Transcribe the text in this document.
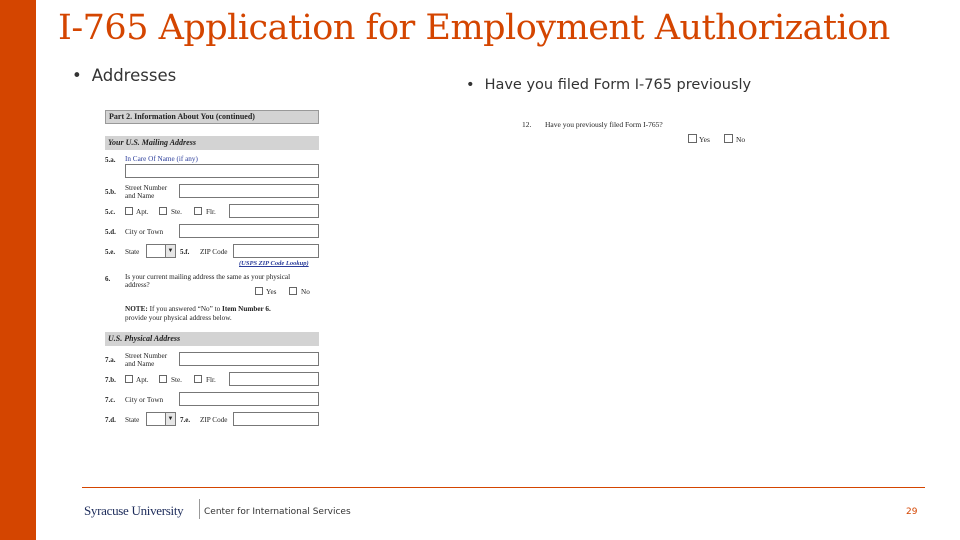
I-765 Application for Employment Authorization
• Addresses	• Have you filed Form I-765 previously
Part 2. Information About You (continued)
Your U.S. Mailing Address
5.a. In Care Of Name (if any)
5.b. Street Number
and Name
5.c.	Apt.	Ste.	Flr.
5.d. City or Town
5.e. State	▼ 5.f. ZIP Code
(USPS ZIP Code Lookup)
6. Is your current mailing address the same as your physical
address?
Yes	No
NOTE: If you answered “No” to Item Number 6.
provide your physical address below.
U.S. Physical Address
7.a. Street Number
and Name
7.b.	Apt.	Ste.	Flr.
7.c. City or Town
7.d. State	▼ 7.e. ZIP Code
12. Have you previously filed Form I-765?
Yes	No
Syracuse University Center for International Services	29
